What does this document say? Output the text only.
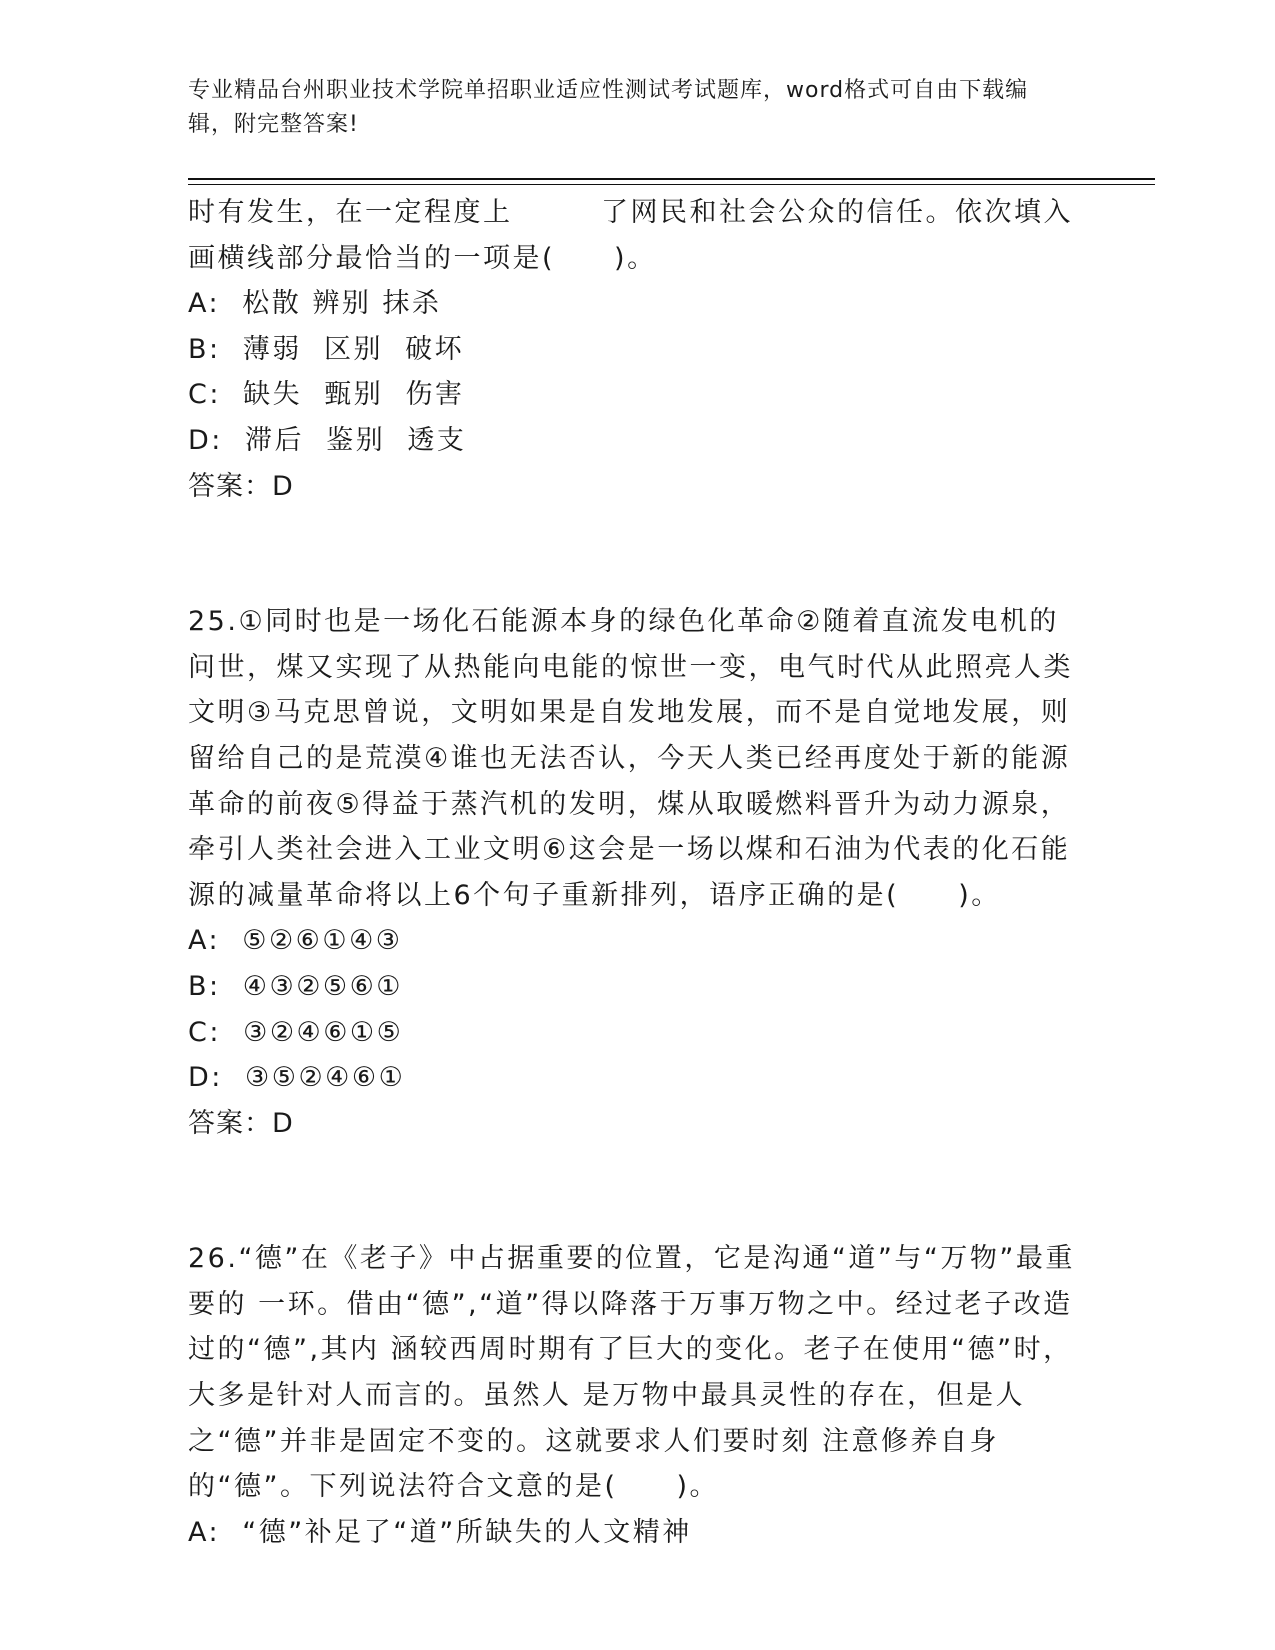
专业精品台州职业技术学院单招职业适应性测试考试题库，word格式可自由下载编辑，附完整答案!

时有发生，在一定程度上　　　了网民和社会公众的信任。依次填入画横线部分最恰当的一项是(　　)。

A:  松散 辨别 抹杀

B:  薄弱  区别  破坏

C:  缺失  甄别  伤害

D:  滞后  鉴别  透支

答案：D

25.①同时也是一场化石能源本身的绿色化革命②随着直流发电机的问世，煤又实现了从热能向电能的惊世一变，电气时代从此照亮人类文明③马克思曾说，文明如果是自发地发展，而不是自觉地发展，则留给自己的是荒漠④谁也无法否认，今天人类已经再度处于新的能源革命的前夜⑤得益于蒸汽机的发明，煤从取暖燃料晋升为动力源泉，牵引人类社会进入工业文明⑥这会是一场以煤和石油为代表的化石能源的减量革命将以上6个句子重新排列，语序正确的是(　　)。

A:  ⑤②⑥①④③

B:  ④③②⑤⑥①

C:  ③②④⑥①⑤

D:  ③⑤②④⑥①

答案：D

26.“德”在《老子》中占据重要的位置，它是沟通“道”与“万物”最重要的 一环。借由“德”,“道”得以降落于万事万物之中。经过老子改造过的“德”,其内 涵较西周时期有了巨大的变化。老子在使用“德”时，大多是针对人而言的。虽然人 是万物中最具灵性的存在，但是人之“德”并非是固定不变的。这就要求人们要时刻 注意修养自身的“德”。下列说法符合文意的是(　　)。

A:  “德”补足了“道”所缺失的人文精神
